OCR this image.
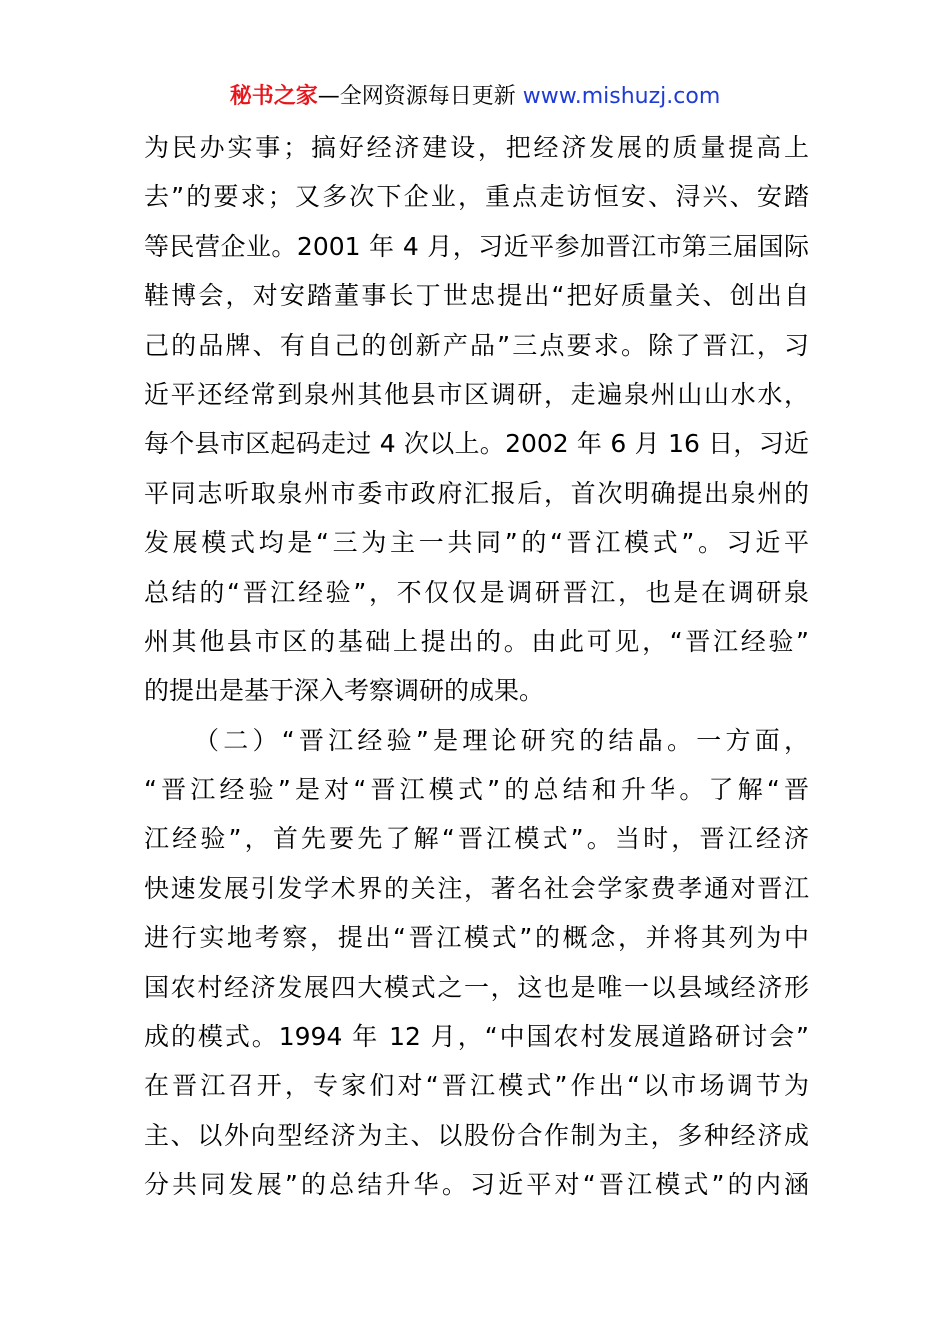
秘书之家—全网资源每日更新 www.mishuzj.com
为民办实事；搞好经济建设，把经济发展的质量提高上
去”的要求；又多次下企业，重点走访恒安、浔兴、安踏
等民营企业。2001 年 4 月，习近平参加晋江市第三届国际
鞋博会，对安踏董事长丁世忠提出“把好质量关、创出自
己的品牌、有自己的创新产品”三点要求。除了晋江，习
近平还经常到泉州其他县市区调研，走遍泉州山山水水，
每个县市区起码走过 4 次以上。2002 年 6 月 16 日，习近
平同志听取泉州市委市政府汇报后，首次明确提出泉州的
发展模式均是“三为主一共同”的“晋江模式”。习近平
总结的“晋江经验”，不仅仅是调研晋江，也是在调研泉
州其他县市区的基础上提出的。由此可见，“晋江经验”
的提出是基于深入考察调研的成果。
（二）“晋江经验”是理论研究的结晶。一方面，
“晋江经验”是对“晋江模式”的总结和升华。了解“晋
江经验”，首先要先了解“晋江模式”。当时，晋江经济
快速发展引发学术界的关注，著名社会学家费孝通对晋江
进行实地考察，提出“晋江模式”的概念，并将其列为中
国农村经济发展四大模式之一，这也是唯一以县域经济形
成的模式。1994 年 12 月，“中国农村发展道路研讨会”
在晋江召开，专家们对“晋江模式”作出“以市场调节为
主、以外向型经济为主、以股份合作制为主，多种经济成
分共同发展”的总结升华。习近平对“晋江模式”的内涵
